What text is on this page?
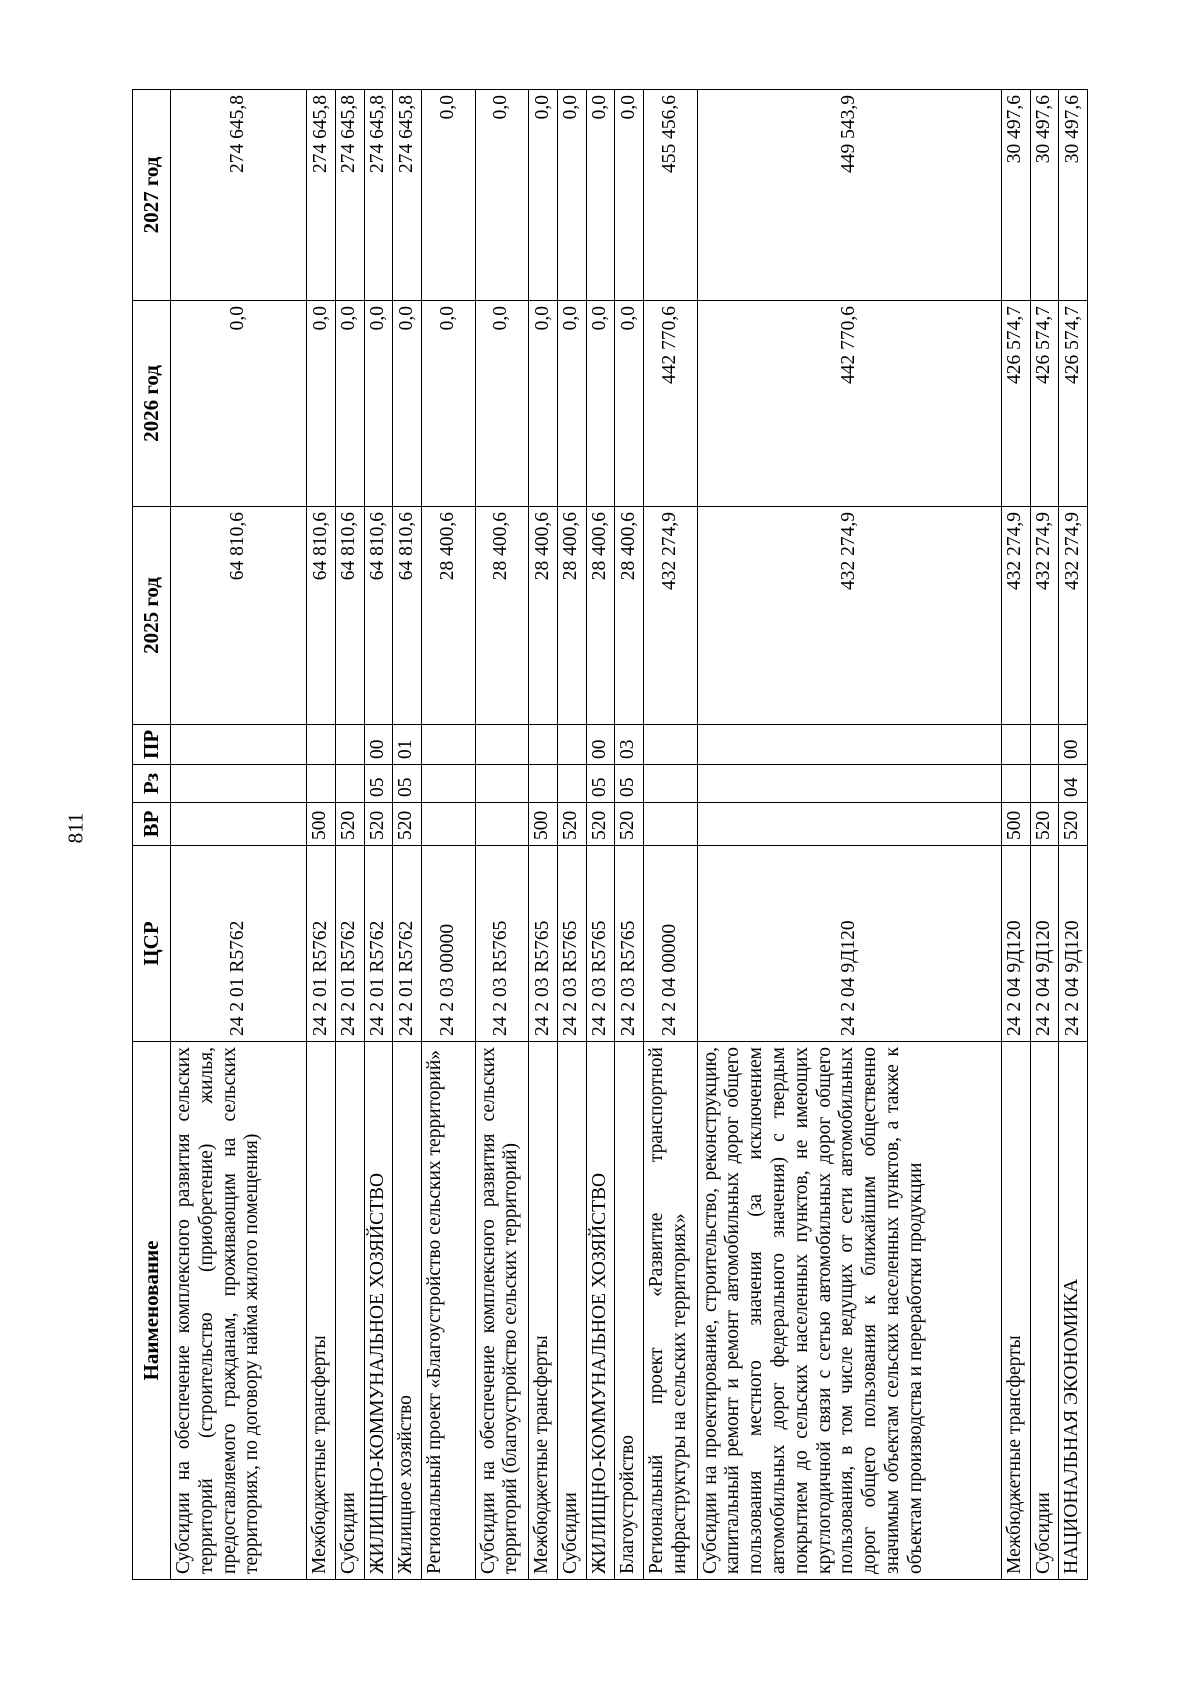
811
Наименование	ЦСР	ВР	Рз	ПР	2025 год	2026 год	2027 год
Субсидии на обеспечение комплексного развития сельских территорий (строительство (приобретение) жилья, предоставляемого гражданам, проживающим на сельских территориях, по договору найма жилого помещения)	24 2 01 R5762				64 810,6	0,0	274 645,8
Межбюджетные трансферты	24 2 01 R5762	500			64 810,6	0,0	274 645,8
Субсидии	24 2 01 R5762	520			64 810,6	0,0	274 645,8
ЖИЛИЩНО-КОММУНАЛЬНОЕ ХОЗЯЙСТВО	24 2 01 R5762	520	05	00	64 810,6	0,0	274 645,8
Жилищное хозяйство	24 2 01 R5762	520	05	01	64 810,6	0,0	274 645,8
Региональный проект «Благоустройство сельских территорий»	24 2 03 00000				28 400,6	0,0	0,0
Субсидии на обеспечение комплексного развития сельских территорий (благоустройство сельских территорий)	24 2 03 R5765				28 400,6	0,0	0,0
Межбюджетные трансферты	24 2 03 R5765	500			28 400,6	0,0	0,0
Субсидии	24 2 03 R5765	520			28 400,6	0,0	0,0
ЖИЛИЩНО-КОММУНАЛЬНОЕ ХОЗЯЙСТВО	24 2 03 R5765	520	05	00	28 400,6	0,0	0,0
Благоустройство	24 2 03 R5765	520	05	03	28 400,6	0,0	0,0
Региональный проект «Развитие транспортной инфраструктуры на сельских территориях»	24 2 04 00000				432 274,9	442 770,6	455 456,6
Субсидии на проектирование, строительство, реконструкцию, капитальный ремонт и ремонт автомобильных дорог общего пользования местного значения (за исключением автомобильных дорог федерального значения) с твердым покрытием до сельских населенных пунктов, не имеющих круглогодичной связи с сетью автомобильных дорог общего пользования, в том числе ведущих от сети автомобильных дорог общего пользования к ближайшим общественно значимым объектам сельских населенных пунктов, а также к объектам производства и переработки продукции	24 2 04 9Д120				432 274,9	442 770,6	449 543,9
Межбюджетные трансферты	24 2 04 9Д120	500			432 274,9	426 574,7	30 497,6
Субсидии	24 2 04 9Д120	520			432 274,9	426 574,7	30 497,6
НАЦИОНАЛЬНАЯ ЭКОНОМИКА	24 2 04 9Д120	520	04	00	432 274,9	426 574,7	30 497,6
